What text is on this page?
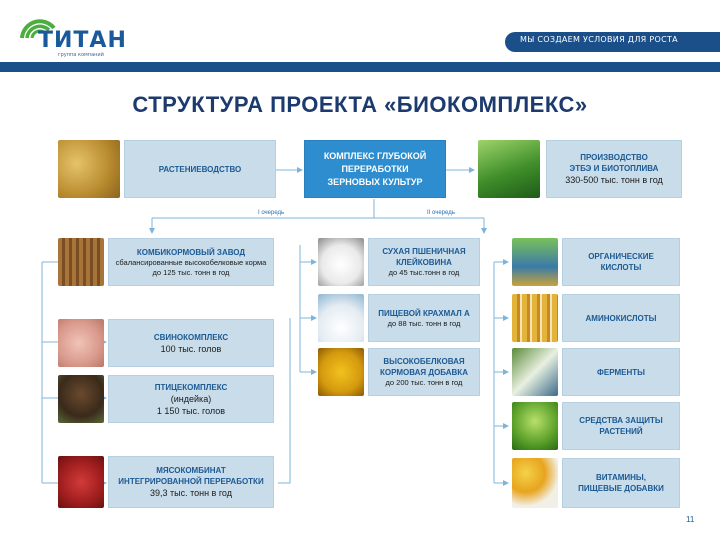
ТИТАН
группа компаний
МЫ СОЗДАЕМ УСЛОВИЯ ДЛЯ РОСТА
СТРУКТУРА ПРОЕКТА «БИОКОМПЛЕКС»
I очередь	II очередь
РАСТЕНИЕВОДСТВО
КОМПЛЕКС ГЛУБОКОЙ
ПЕРЕРАБОТКИ
ЗЕРНОВЫХ КУЛЬТУР
ПРОИЗВОДСТВО
ЭТБЭ И БИОТОПЛИВА
330-500 тыс. тонн в год
КОМБИКОРМОВЫЙ ЗАВОД
сбалансированные высокобелковые корма
до 125 тыс. тонн в год
СВИНОКОМПЛЕКС
100 тыс. голов
ПТИЦЕКОМПЛЕКС
(индейка)
1 150 тыс. голов
МЯСОКОМБИНАТ
ИНТЕГРИРОВАННОЙ ПЕРЕРАБОТКИ
39,3 тыс. тонн в год
СУХАЯ ПШЕНИЧНАЯ
КЛЕЙКОВИНА
до 45 тыс.тонн в год
ПИЩЕВОЙ КРАХМАЛ А
до 88 тыс. тонн в год
ВЫСОКОБЕЛКОВАЯ
КОРМОВАЯ ДОБАВКА
до 200 тыс. тонн в год
ОРГАНИЧЕСКИЕ
КИСЛОТЫ
АМИНОКИСЛОТЫ
ФЕРМЕНТЫ
СРЕДСТВА ЗАЩИТЫ
РАСТЕНИЙ
ВИТАМИНЫ,
ПИЩЕВЫЕ ДОБАВКИ
11
